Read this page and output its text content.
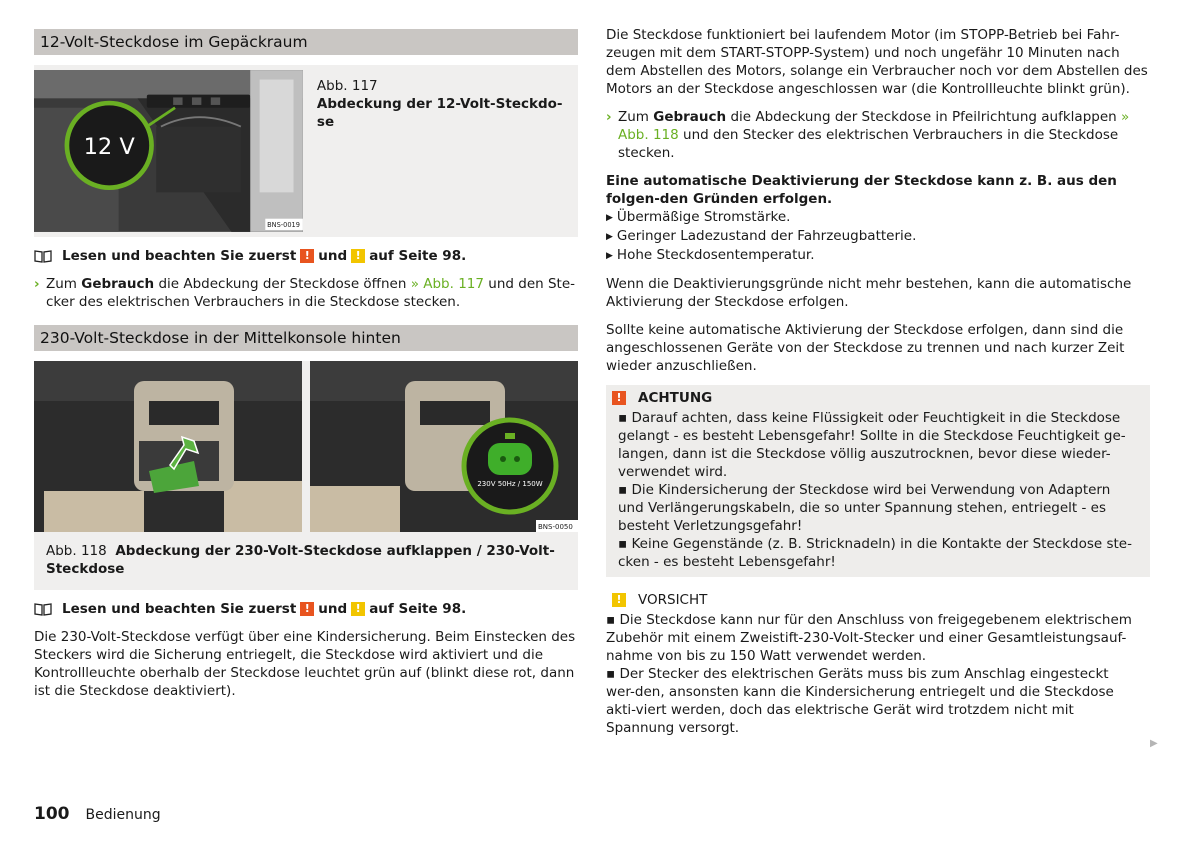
12-Volt-Steckdose im Gepäckraum
12 V
BNS-0019
Abb. 117
Abdeckung der 12-Volt-Steckdo-se
Lesen und beachten Sie zuerst ! und ! auf Seite 98.
› Zum Gebrauch die Abdeckung der Steckdose öffnen » Abb. 117 und den Ste-cker des elektrischen Verbrauchers in die Steckdose stecken.
230-Volt-Steckdose in der Mittelkonsole hinten
230V 50Hz / 150W
BNS-0050
Abb. 118 Abdeckung der 230-Volt-Steckdose aufklappen / 230-Volt-Steckdose
Lesen und beachten Sie zuerst ! und ! auf Seite 98.
Die 230-Volt-Steckdose verfügt über eine Kindersicherung. Beim Einstecken des Steckers wird die Sicherung entriegelt, die Steckdose wird aktiviert und die Kontrollleuchte oberhalb der Steckdose leuchtet grün auf (blinkt diese rot, dann ist die Steckdose deaktiviert).
Die Steckdose funktioniert bei laufendem Motor (im STOPP-Betrieb bei Fahr-zeugen mit dem START-STOPP-System) und noch ungefähr 10 Minuten nach dem Abstellen des Motors, solange ein Verbraucher noch vor dem Abstellen des Motors an der Steckdose angeschlossen war (die Kontrollleuchte blinkt grün).
› Zum Gebrauch die Abdeckung der Steckdose in Pfeilrichtung aufklappen » Abb. 118 und den Stecker des elektrischen Verbrauchers in die Steckdose stecken.
Eine automatische Deaktivierung der Steckdose kann z. B. aus den folgen-den Gründen erfolgen.
▶ Übermäßige Stromstärke.
▶ Geringer Ladezustand der Fahrzeugbatterie.
▶ Hohe Steckdosentemperatur.
Wenn die Deaktivierungsgründe nicht mehr bestehen, kann die automatische Aktivierung der Steckdose erfolgen.
Sollte keine automatische Aktivierung der Steckdose erfolgen, dann sind die angeschlossenen Geräte von der Steckdose zu trennen und nach kurzer Zeit wieder anzuschließen.
!	ACHTUNG
▪ Darauf achten, dass keine Flüssigkeit oder Feuchtigkeit in die Steckdose gelangt - es besteht Lebensgefahr! Sollte in die Steckdose Feuchtigkeit ge-langen, dann ist die Steckdose völlig auszutrocknen, bevor diese wieder-verwendet wird.
▪ Die Kindersicherung der Steckdose wird bei Verwendung von Adaptern und Verlängerungskabeln, die so unter Spannung stehen, entriegelt - es besteht Verletzungsgefahr!
▪ Keine Gegenstände (z. B. Stricknadeln) in die Kontakte der Steckdose ste-cken - es besteht Lebensgefahr!
!	VORSICHT
▪ Die Steckdose kann nur für den Anschluss von freigegebenem elektrischem Zubehör mit einem Zweistift-230-Volt-Stecker und einer Gesamtleistungsauf-nahme von bis zu 150 Watt verwendet werden.
▪ Der Stecker des elektrischen Geräts muss bis zum Anschlag eingesteckt wer-den, ansonsten kann die Kindersicherung entriegelt und die Steckdose akti-viert werden, doch das elektrische Gerät wird trotzdem nicht mit Spannung versorgt.
▶
100 Bedienung
